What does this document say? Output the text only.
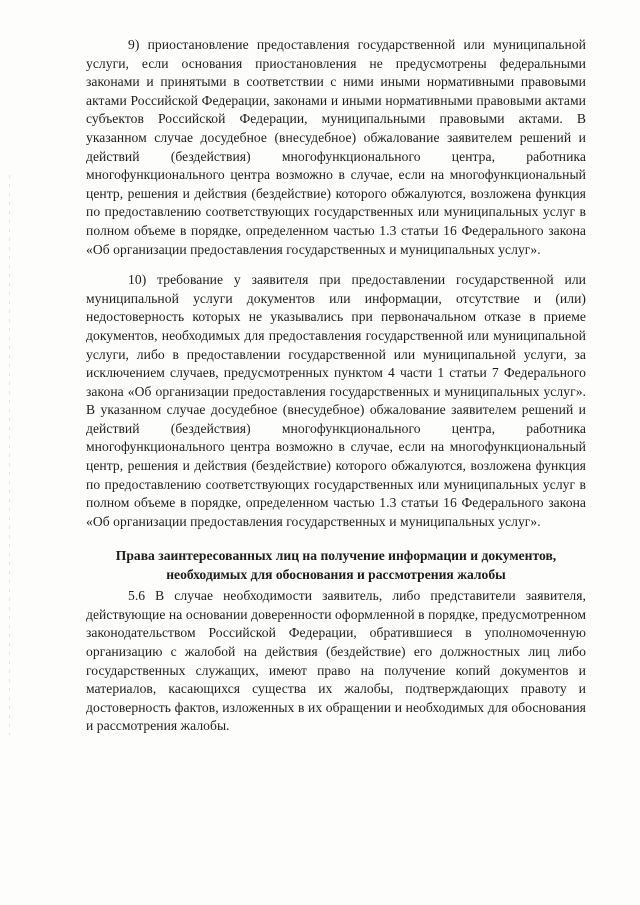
9) приостановление предоставления государственной или муниципальной услуги, если основания приостановления не предусмотрены федеральными законами и принятыми в соответствии с ними иными нормативными правовыми актами Российской Федерации, законами и иными нормативными правовыми актами субъектов Российской Федерации, муниципальными правовыми актами. В указанном случае досудебное (внесудебное) обжалование заявителем решений и действий (бездействия) многофункционального центра, работника многофункционального центра возможно в случае, если на многофункциональный центр, решения и действия (бездействие) которого обжалуются, возложена функция по предоставлению соответствующих государственных или муниципальных услуг в полном объеме в порядке, определенном частью 1.3 статьи 16 Федерального закона «Об организации предоставления государственных и муниципальных услуг».

10) требование у заявителя при предоставлении государственной или муниципальной услуги документов или информации, отсутствие и (или) недостоверность которых не указывались при первоначальном отказе в приеме документов, необходимых для предоставления государственной или муниципальной услуги, либо в предоставлении государственной или муниципальной услуги, за исключением случаев, предусмотренных пунктом 4 части 1 статьи 7 Федерального закона «Об организации предоставления государственных и муниципальных услуг». В указанном случае досудебное (внесудебное) обжалование заявителем решений и действий (бездействия) многофункционального центра, работника многофункционального центра возможно в случае, если на многофункциональный центр, решения и действия (бездействие) которого обжалуются, возложена функция по предоставлению соответствующих государственных или муниципальных услуг в полном объеме в порядке, определенном частью 1.3 статьи 16 Федерального закона «Об организации предоставления государственных и муниципальных услуг».

Права заинтересованных лиц на получение информации и документов, необходимых для обоснования и рассмотрения жалобы

5.6 В случае необходимости заявитель, либо представители заявителя, действующие на основании доверенности оформленной в порядке, предусмотренном законодательством Российской Федерации, обратившиеся в уполномоченную организацию с жалобой на действия (бездействие) его должностных лиц либо государственных служащих, имеют право на получение копий документов и материалов, касающихся существа их жалобы, подтверждающих правоту и достоверность фактов, изложенных в их обращении и необходимых для обоснования и рассмотрения жалобы.
